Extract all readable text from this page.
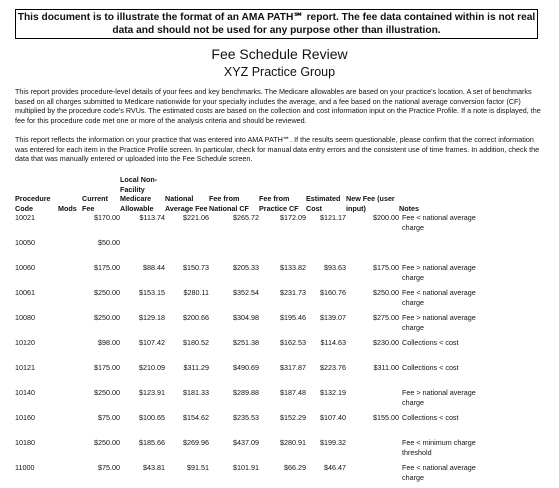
This document is to illustrate the format of an AMA PATH℠ report. The fee data contained within is not real data and should not be used for any purpose other than illustration.
Fee Schedule Review
XYZ Practice Group
This report provides procedure-level details of your fees and key benchmarks. The Medicare allowables are based on your practice's location. A set of benchmarks based on all charges submitted to Medicare nationwide for your specialty includes the average, and a fee based on the national average conversion factor (CF) multiplied by the procedure code's RVUs. The estimated costs are based on the collection and cost information input on the Practice Profile. If a note is displayed, the fee for this procedure code met one or more of the analysis criteria and should be reviewed.
This report reflects the information on your practice that was entered into AMA PATH℠. If the results seem questionable, please confirm that the correct information was entered for each item in the Practice Profile screen. In particular, check for manual data entry errors and the consistent use of time frames. In addition, check the data that was manually entered or uploaded into the Fee Schedule screen.
Procedure Code	Mods	Current Fee	Local Non-Facility Medicare Allowable	National Average Fee	Fee from National CF	Fee from Practice CF	Estimated Cost	New Fee (user input)	Notes
10021		$170.00	$113.74	$221.06	$265.72	$172.09	$121.17	$200.00	Fee < national average charge
10050		$50.00							
10060		$175.00	$88.44	$150.73	$205.33	$133.82	$93.63	$175.00	Fee > national average charge
10061		$250.00	$153.15	$280.11	$352.54	$231.73	$160.76	$250.00	Fee < national average charge
10080		$250.00	$129.18	$200.66	$304.98	$195.46	$139.07	$275.00	Fee > national average charge
10120		$98.00	$107.42	$180.52	$251.38	$162.53	$114.63	$230.00	Collections < cost
10121		$175.00	$210.09	$311.29	$490.69	$317.87	$223.76	$311.00	Collections < cost
10140		$250.00	$123.91	$181.33	$289.88	$187.48	$132.19		Fee > national average charge
10160		$75.00	$100.65	$154.62	$235.53	$152.29	$107.40	$155.00	Collections < cost
10180		$250.00	$185.66	$269.96	$437.09	$280.91	$199.32		Fee < minimum charge threshold
11000		$75.00	$43.81	$91.51	$101.91	$66.29	$46.47		Fee < national average charge
